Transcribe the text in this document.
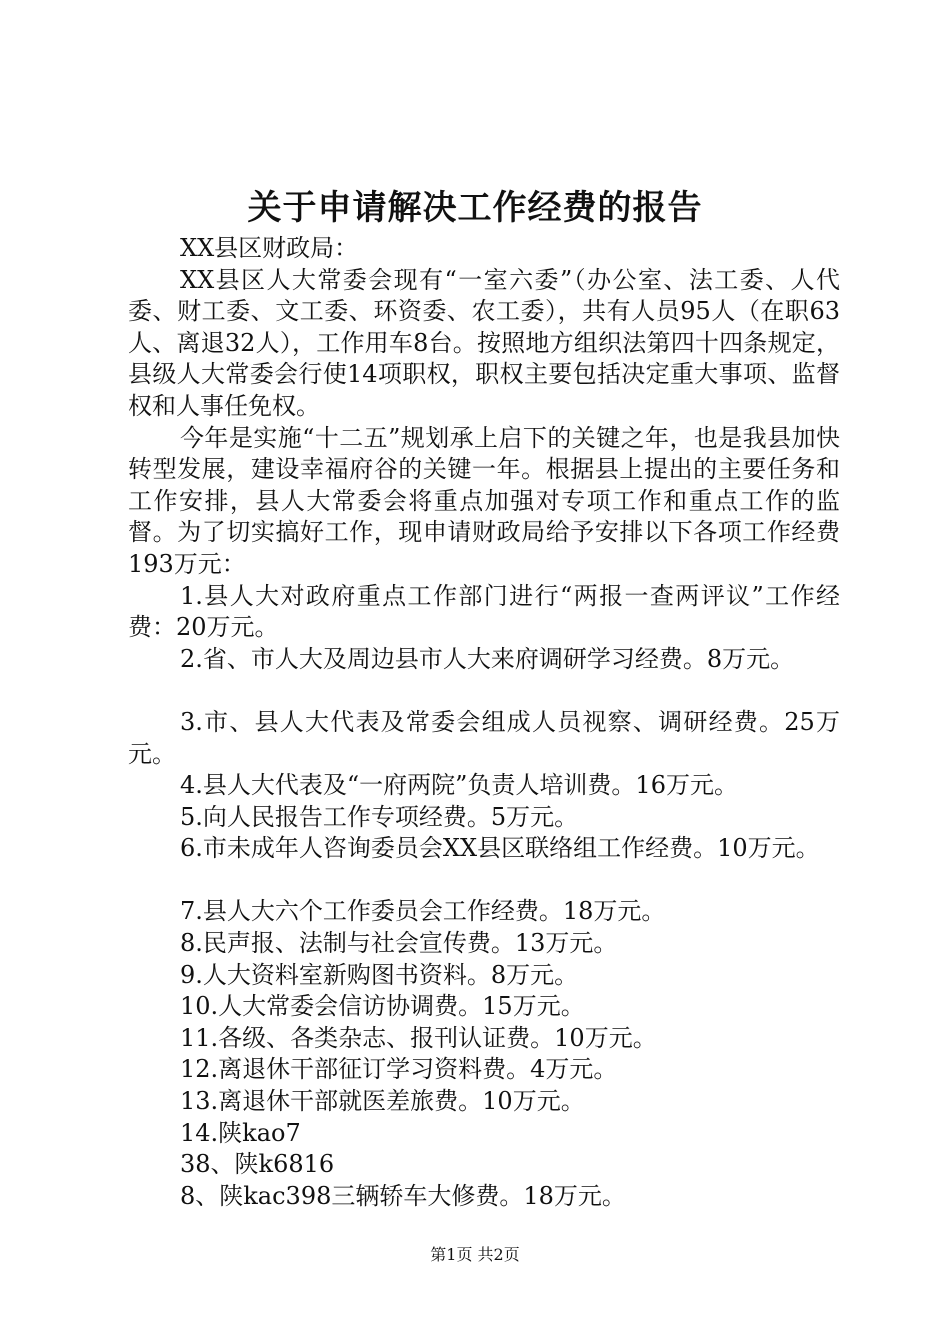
关于申请解决工作经费的报告

XX县区财政局：

XX县区人大常委会现有“一室六委”（办公室、法工委、人代委、财工委、文工委、环资委、农工委），共有人员95人（在职63人、离退32人），工作用车8台。按照地方组织法第四十四条规定，县级人大常委会行使14项职权，职权主要包括决定重大事项、监督权和人事任免权。

今年是实施“十二五”规划承上启下的关键之年，也是我县加快转型发展，建设幸福府谷的关键一年。根据县上提出的主要任务和工作安排，县人大常委会将重点加强对专项工作和重点工作的监督。为了切实搞好工作，现申请财政局给予安排以下各项工作经费193万元：

1.县人大对政府重点工作部门进行“两报一查两评议”工作经费：20万元。

2.省、市人大及周边县市人大来府调研学习经费。8万元。

3.市、县人大代表及常委会组成人员视察、调研经费。25万元。

4.县人大代表及“一府两院”负责人培训费。16万元。

5.向人民报告工作专项经费。5万元。

6.市未成年人咨询委员会XX县区联络组工作经费。10万元。

7.县人大六个工作委员会工作经费。18万元。

8.民声报、法制与社会宣传费。13万元。

9.人大资料室新购图书资料。8万元。

10.人大常委会信访协调费。15万元。

11.各级、各类杂志、报刊认证费。10万元。

12.离退休干部征订学习资料费。4万元。

13.离退休干部就医差旅费。10万元。

14.陕kao7

38、陕k6816

8、陕kac398三辆轿车大修费。18万元。

第1页 共2页
